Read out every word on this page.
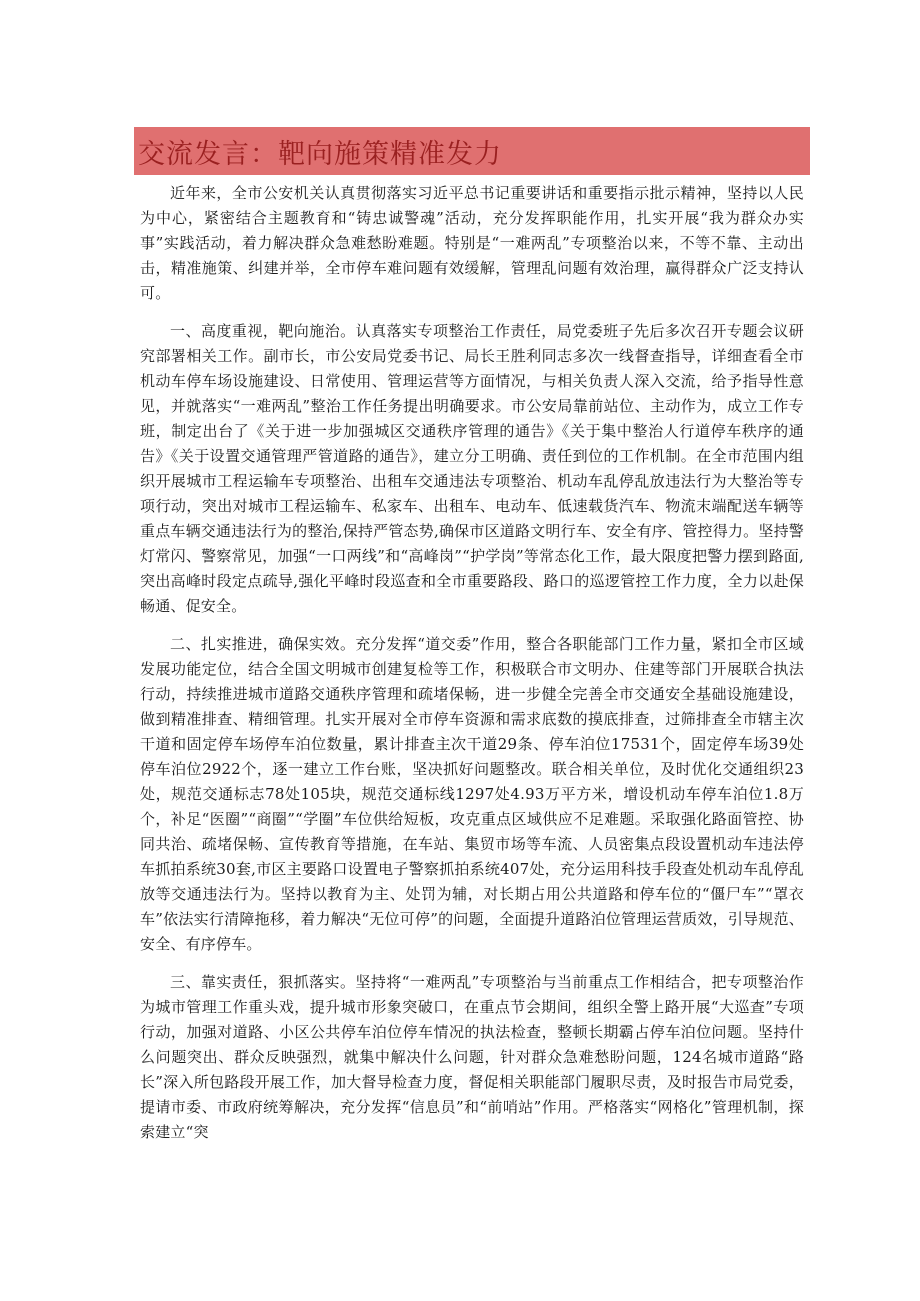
交流发言：靶向施策精准发力

近年来，全市公安机关认真贯彻落实习近平总书记重要讲话和重要指示批示精神，坚持以人民为中心，紧密结合主题教育和“铸忠诚警魂”活动，充分发挥职能作用，扎实开展“我为群众办实事”实践活动，着力解决群众急难愁盼难题。特别是“一难两乱”专项整治以来，不等不靠、主动出击，精准施策、纠建并举，全市停车难问题有效缓解，管理乱问题有效治理，赢得群众广泛支持认可。

一、高度重视，靶向施治。认真落实专项整治工作责任，局党委班子先后多次召开专题会议研究部署相关工作。副市长，市公安局党委书记、局长王胜利同志多次一线督查指导，详细查看全市机动车停车场设施建设、日常使用、管理运营等方面情况，与相关负责人深入交流，给予指导性意见，并就落实“一难两乱”整治工作任务提出明确要求。市公安局靠前站位、主动作为，成立工作专班，制定出台了《关于进一步加强城区交通秩序管理的通告》《关于集中整治人行道停车秩序的通告》《关于设置交通管理严管道路的通告》，建立分工明确、责任到位的工作机制。在全市范围内组织开展城市工程运输车专项整治、出租车交通违法专项整治、机动车乱停乱放违法行为大整治等专项行动，突出对城市工程运输车、私家车、出租车、电动车、低速载货汽车、物流末端配送车辆等重点车辆交通违法行为的整治,保持严管态势,确保市区道路文明行车、安全有序、管控得力。坚持警灯常闪、警察常见，加强“一口两线”和“高峰岗”“护学岗”等常态化工作，最大限度把警力摆到路面,突出高峰时段定点疏导,强化平峰时段巡查和全市重要路段、路口的巡逻管控工作力度，全力以赴保畅通、促安全。

二、扎实推进，确保实效。充分发挥“道交委”作用，整合各职能部门工作力量，紧扣全市区域发展功能定位，结合全国文明城市创建复检等工作，积极联合市文明办、住建等部门开展联合执法行动，持续推进城市道路交通秩序管理和疏堵保畅，进一步健全完善全市交通安全基础设施建设，做到精准排查、精细管理。扎实开展对全市停车资源和需求底数的摸底排查，过筛排查全市辖主次干道和固定停车场停车泊位数量，累计排查主次干道29条、停车泊位17531个，固定停车场39处停车泊位2922个，逐一建立工作台账，坚决抓好问题整改。联合相关单位，及时优化交通组织23处，规范交通标志78处105块，规范交通标线1297处4.93万平方米，增设机动车停车泊位1.8万个，补足“医圈”“商圈”“学圈”车位供给短板，攻克重点区域供应不足难题。采取强化路面管控、协同共治、疏堵保畅、宣传教育等措施，在车站、集贸市场等车流、人员密集点段设置机动车违法停车抓拍系统30套,市区主要路口设置电子警察抓拍系统407处，充分运用科技手段查处机动车乱停乱放等交通违法行为。坚持以教育为主、处罚为辅，对长期占用公共道路和停车位的“僵尸车”“罩衣车”依法实行清障拖移，着力解决“无位可停”的问题，全面提升道路泊位管理运营质效，引导规范、安全、有序停车。

三、靠实责任，狠抓落实。坚持将“一难两乱”专项整治与当前重点工作相结合，把专项整治作为城市管理工作重头戏，提升城市形象突破口，在重点节会期间，组织全警上路开展“大巡查”专项行动，加强对道路、小区公共停车泊位停车情况的执法检查，整顿长期霸占停车泊位问题。坚持什么问题突出、群众反映强烈，就集中解决什么问题，针对群众急难愁盼问题，124名城市道路“路长”深入所包路段开展工作，加大督导检查力度，督促相关职能部门履职尽责，及时报告市局党委，提请市委、市政府统筹解决，充分发挥“信息员”和“前哨站”作用。严格落实“网格化”管理机制，探索建立“突
